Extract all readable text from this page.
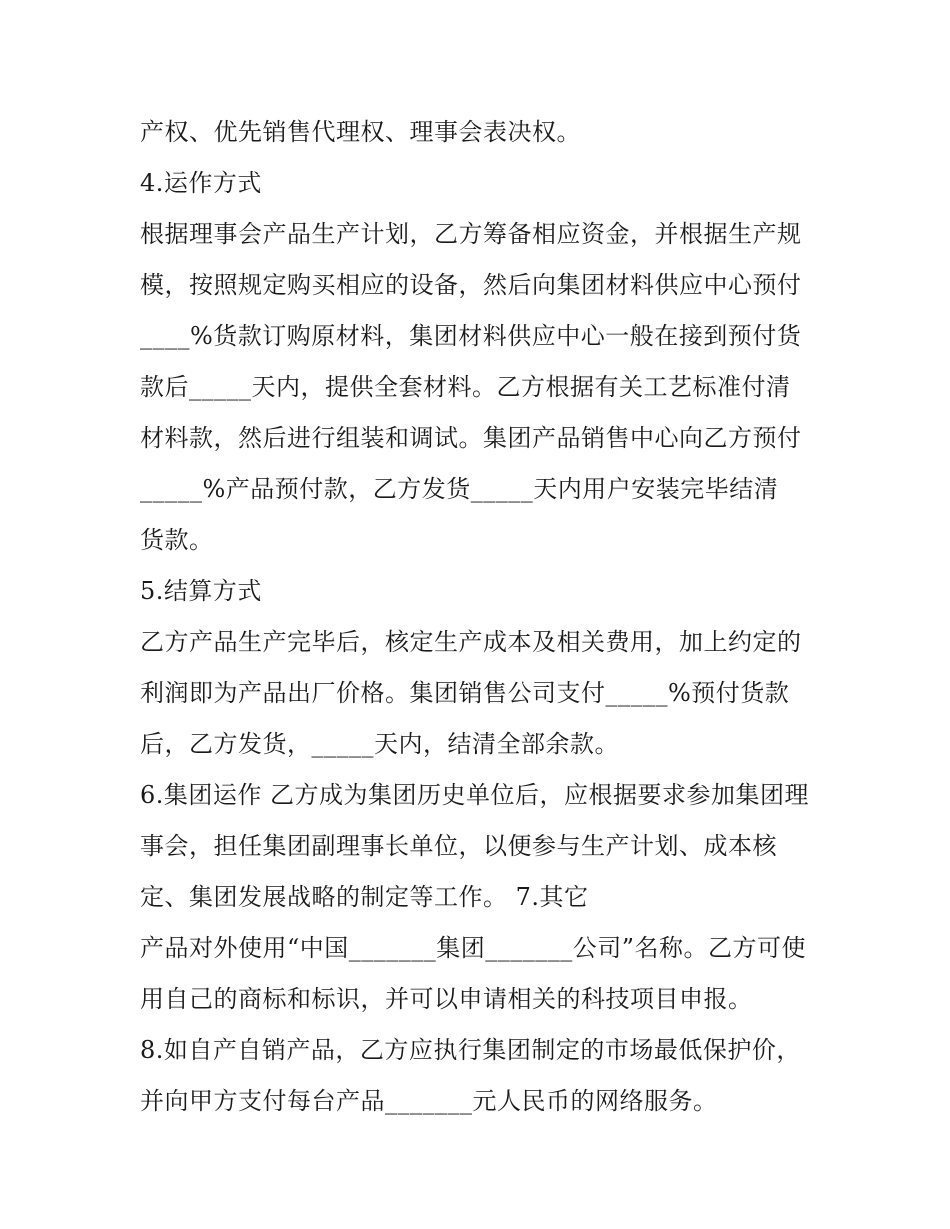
产权、优先销售代理权、理事会表决权。
4.运作方式
根据理事会产品生产计划，乙方筹备相应资金，并根据生产规
模，按照规定购买相应的设备，然后向集团材料供应中心预付
____%货款订购原材料，集团材料供应中心一般在接到预付货
款后_____天内，提供全套材料。乙方根据有关工艺标准付清
材料款，然后进行组装和调试。集团产品销售中心向乙方预付
_____%产品预付款，乙方发货_____天内用户安装完毕结清
货款。
5.结算方式
乙方产品生产完毕后，核定生产成本及相关费用，加上约定的
利润即为产品出厂价格。集团销售公司支付_____%预付货款
后，乙方发货，_____天内，结清全部余款。
6.集团运作 乙方成为集团历史单位后，应根据要求参加集团理
事会，担任集团副理事长单位，以便参与生产计划、成本核
定、集团发展战略的制定等工作。 7.其它
产品对外使用“中国_______集团_______公司”名称。乙方可使
用自己的商标和标识，并可以申请相关的科技项目申报。
8.如自产自销产品，乙方应执行集团制定的市场最低保护价，
并向甲方支付每台产品_______元人民币的网络服务。
